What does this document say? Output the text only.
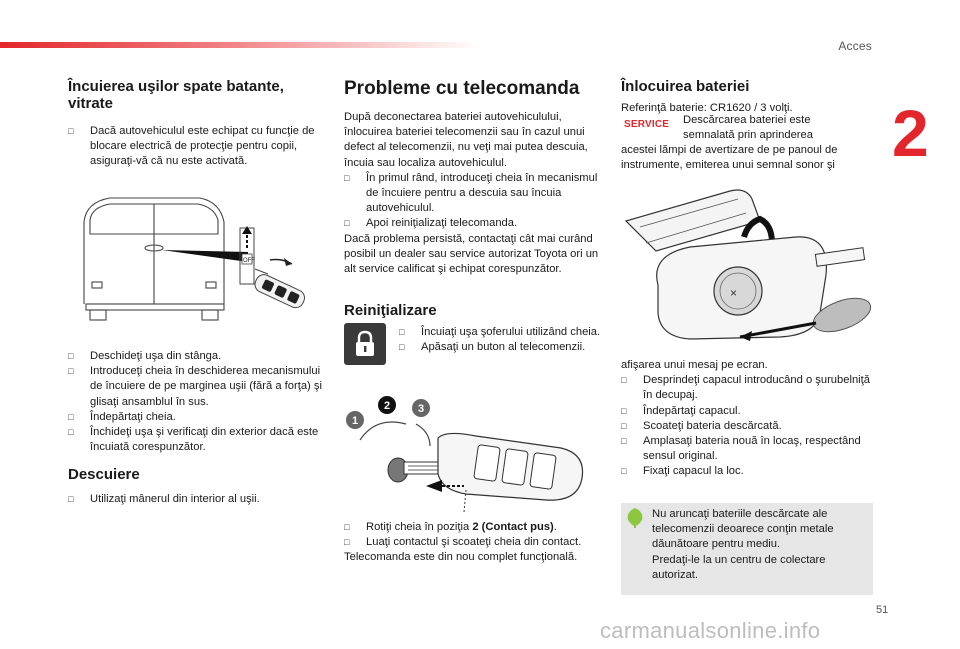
Acces
2
Încuierea uşilor spate batante, vitrate

□ Dacă autovehiculul este echipat cu funcţie de blocare electrică de protecţie pentru copii, asiguraţi-vă că nu este activată.

OFF

□ Deschideţi uşa din stânga.

□ Introduceţi cheia în deschiderea mecanismului de încuiere de pe marginea uşii (fără a forţa) şi glisaţi ansamblul în sus.

□ Îndepărtaţi cheia.

□ Închideţi uşa şi verificaţi din exterior dacă este încuiată corespunzător.

Descuiere

□ Utilizaţi mânerul din interior al uşii.

Probleme cu telecomanda

După deconectarea bateriei autovehiculului, înlocuirea bateriei telecomenzii sau în cazul unui defect al telecomenzii, nu veţi mai putea descuia, încuia sau localiza autovehiculul.

□ În primul rând, introduceţi cheia în mecanismul de încuiere pentru a descuia sau încuia autovehiculul.

□ Apoi reiniţializaţi telecomanda.

Dacă problema persistă, contactaţi cât mai curând posibil un dealer sau service autorizat Toyota ori un alt service calificat şi echipat corespunzător.

Reiniţializare

□ Încuiaţi uşa şoferului utilizând cheia.

□ Apăsaţi un buton al telecomenzii.

1
2	3

□ Rotiţi cheia în poziţia 2 (Contact pus).

□ Luaţi contactul şi scoateţi cheia din contact.

Telecomanda este din nou complet funcţională.

Înlocuirea bateriei

Referinţă baterie: CR1620 / 3 volţi.

SERVICE Descărcarea bateriei este

semnalată prin aprinderea

acestei lămpi de avertizare de pe panoul de instrumente, emiterea unui semnal sonor şi

×

afişarea unui mesaj pe ecran.

□ Desprindeţi capacul introducând o şurubelniţă în decupaj.

□ Îndepărtaţi capacul.

□ Scoateţi bateria descărcată.

□ Amplasaţi bateria nouă în locaş, respectând sensul original.

□ Fixaţi capacul la loc.

Nu aruncaţi bateriile descărcate ale telecomenzii deoarece conţin metale dăunătoare pentru mediu.

Predaţi-le la un centru de colectare autorizat.

51
carmanualsonline.info
